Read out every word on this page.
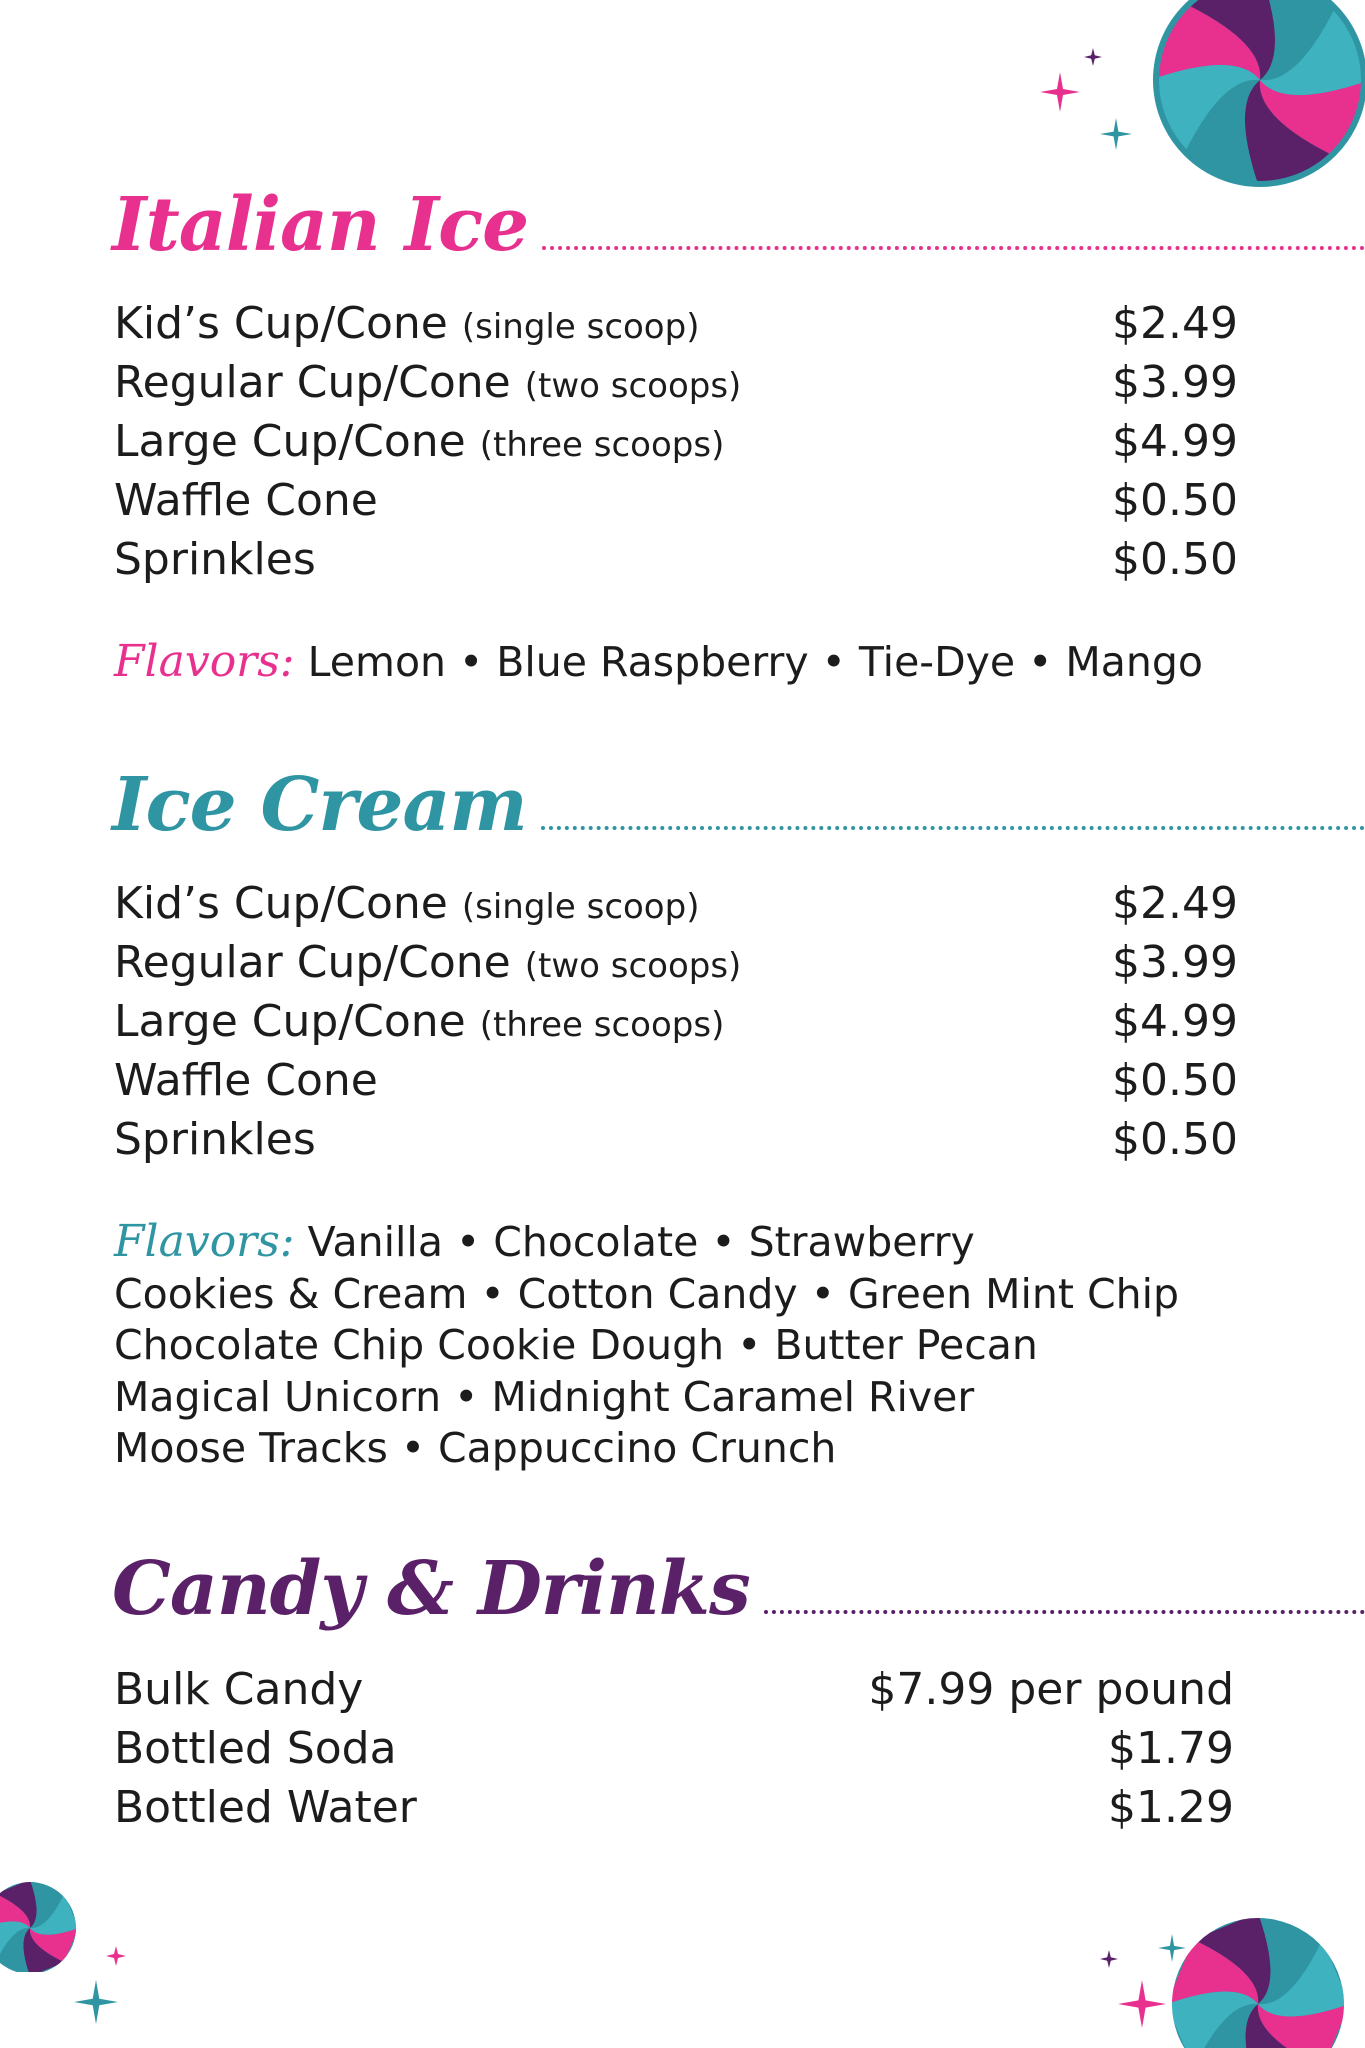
Italian Ice
Kid’s Cup/Cone (single scoop)	$2.49
Regular Cup/Cone (two scoops)	$3.99
Large Cup/Cone (three scoops)	$4.99
Waffle Cone	$0.50
Sprinkles	$0.50
Flavors: Lemon • Blue Raspberry • Tie-Dye • Mango
Ice Cream
Kid’s Cup/Cone (single scoop)	$2.49
Regular Cup/Cone (two scoops)	$3.99
Large Cup/Cone (three scoops)	$4.99
Waffle Cone	$0.50
Sprinkles	$0.50
Flavors: Vanilla • Chocolate • Strawberry
Cookies & Cream • Cotton Candy • Green Mint Chip
Chocolate Chip Cookie Dough • Butter Pecan
Magical Unicorn • Midnight Caramel River
Moose Tracks • Cappuccino Crunch
Candy & Drinks
Bulk Candy	$7.99 per pound
Bottled Soda	$1.79
Bottled Water	$1.29
